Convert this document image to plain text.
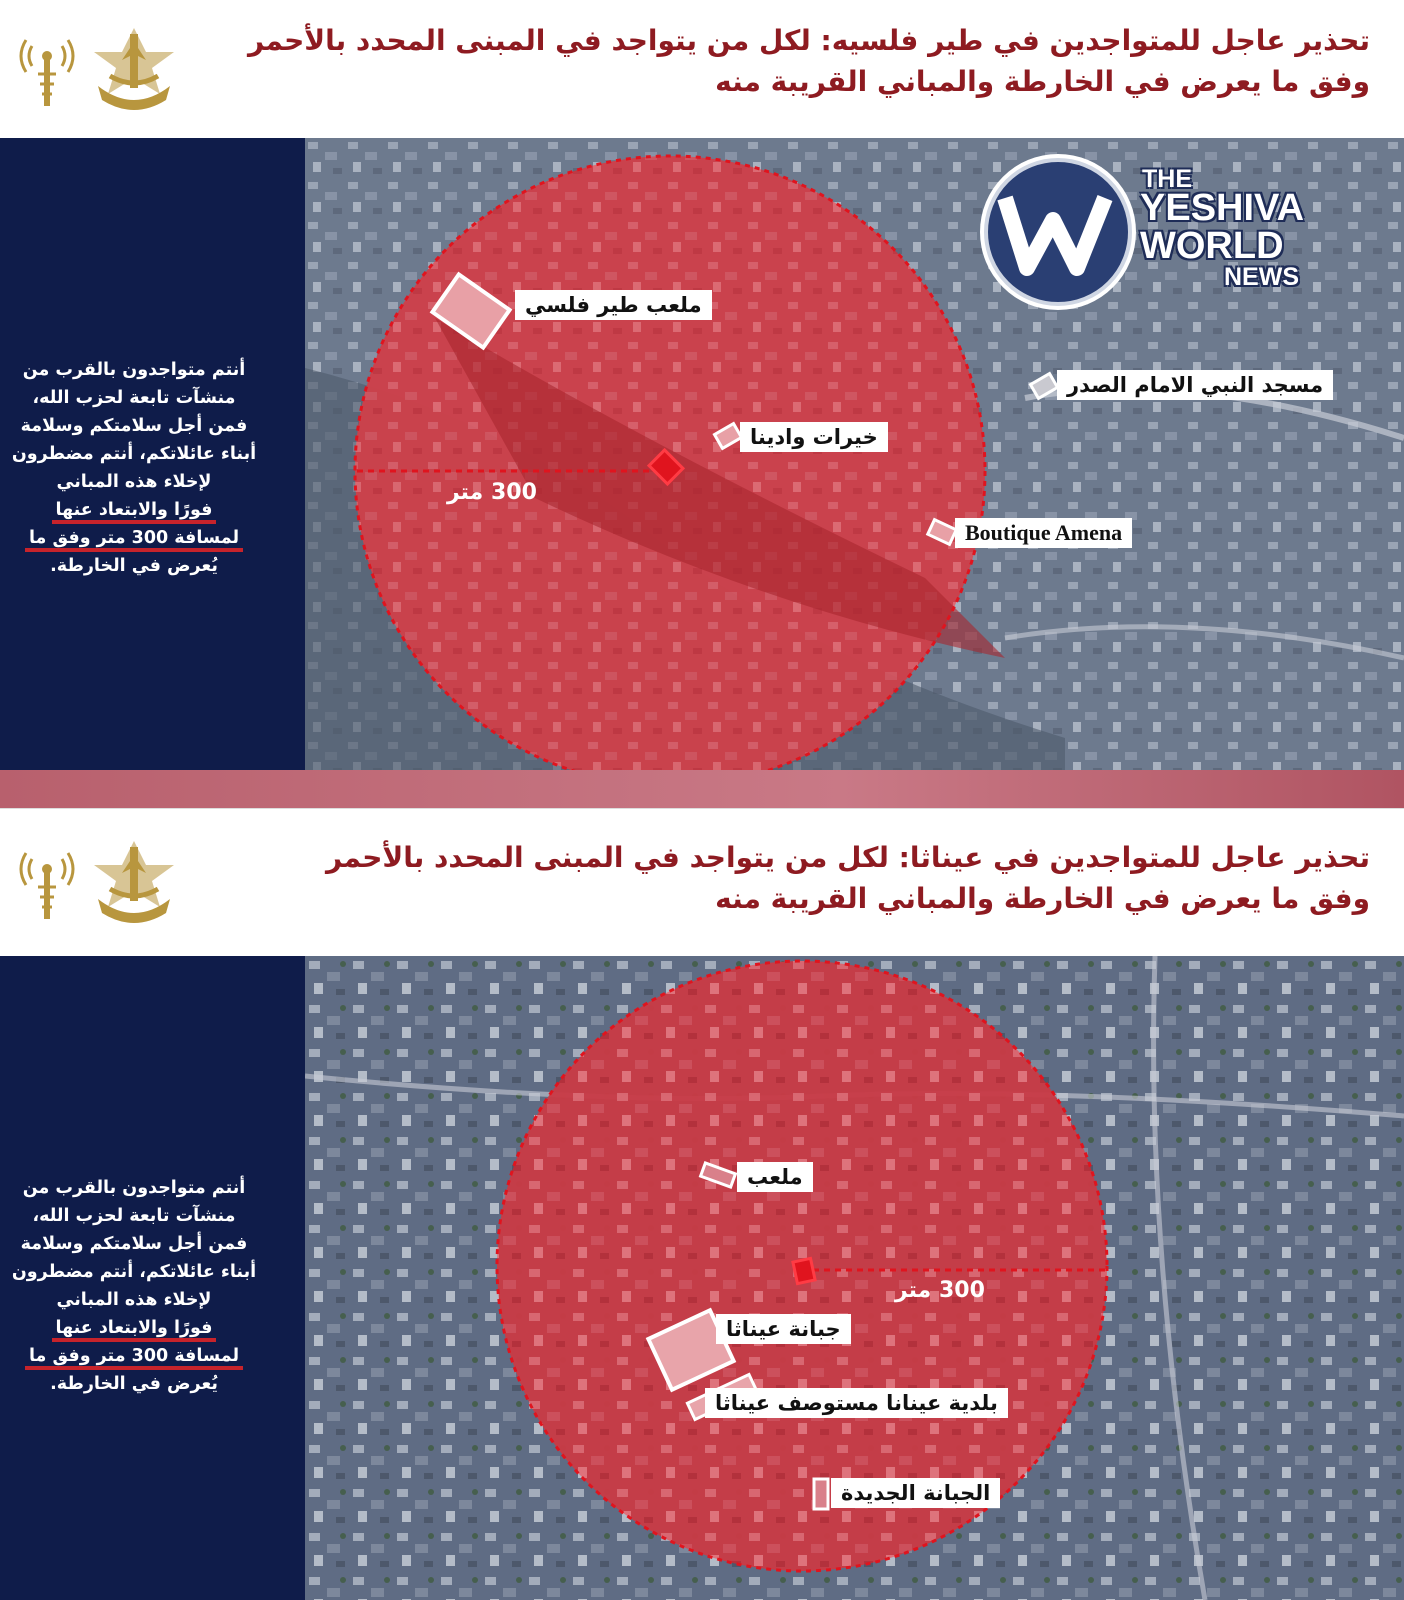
تحذير عاجل للمتواجدين في طير فلسيه: لكل من يتواجد في المبنى المحدد بالأحمر وفق ما يعرض في الخارطة والمباني القريبة منه
أنتم متواجدون بالقرب من
منشآت تابعة لحزب الله،
فمن أجل سلامتكم وسلامة
أبناء عائلاتكم، أنتم مضطرون
لإخلاء هذه المباني
فورًا والابتعاد عنها
لمسافة 300 متر وفق ما
يُعرض في الخارطة.
ملعب طير فلسي
خيرات وادينا
مسجد النبي الامام الصدر
Boutique Amena
300 متر
THE
YESHIVA
WORLD
NEWS
تحذير عاجل للمتواجدين في عيناثا: لكل من يتواجد في المبنى المحدد بالأحمر وفق ما يعرض في الخارطة والمباني القريبة منه
أنتم متواجدون بالقرب من
منشآت تابعة لحزب الله،
فمن أجل سلامتكم وسلامة
أبناء عائلاتكم، أنتم مضطرون
لإخلاء هذه المباني
فورًا والابتعاد عنها
لمسافة 300 متر وفق ما
يُعرض في الخارطة.
ملعب
جبانة عيناثا
بلدية عينانا مستوصف عيناثا
الجبانة الجديدة
300 متر
